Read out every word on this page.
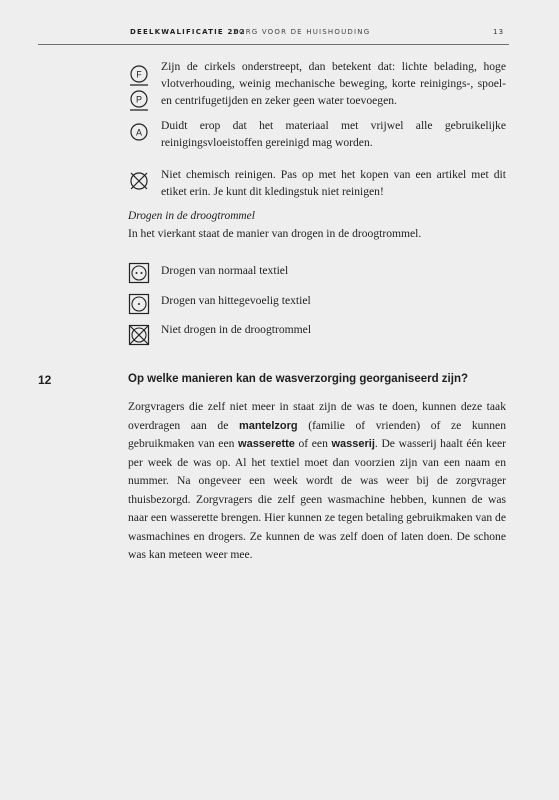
DEELKWALIFICATIE 202
ZORG VOOR DE HUISHOUDING	13
F
P
Zijn de cirkels onderstreept, dan betekent dat: lichte belading, hoge vlotverhouding, weinig mechanische beweging, korte reinigings-, spoel- en centrifugetijden en zeker geen water toevoegen.
A
Duidt erop dat het materiaal met vrijwel alle gebruikelijke reinigingsvloeistoffen gereinigd mag worden.
Niet chemisch reinigen. Pas op met het kopen van een artikel met dit etiket erin. Je kunt dit kledingstuk niet reinigen!
Drogen in de droogtrommel
In het vierkant staat de manier van drogen in de droogtrommel.
Drogen van normaal textiel
Drogen van hittegevoelig textiel
Niet drogen in de droogtrommel
12	Op welke manieren kan de wasverzorging georganiseerd zijn?
Zorgvragers die zelf niet meer in staat zijn de was te doen, kunnen deze taak overdragen aan de mantelzorg (familie of vrienden) of ze kunnen gebruikmaken van een wasserette of een wasserij. De wasserij haalt één keer per week de was op. Al het textiel moet dan voorzien zijn van een naam en nummer. Na ongeveer een week wordt de was weer bij de zorgvrager thuisbezorgd. Zorgvragers die zelf geen wasmachine hebben, kunnen de was naar een wasserette brengen. Hier kunnen ze tegen betaling gebruikmaken van de wasmachines en drogers. Ze kunnen de was zelf doen of laten doen. De schone was kan meteen weer mee.
